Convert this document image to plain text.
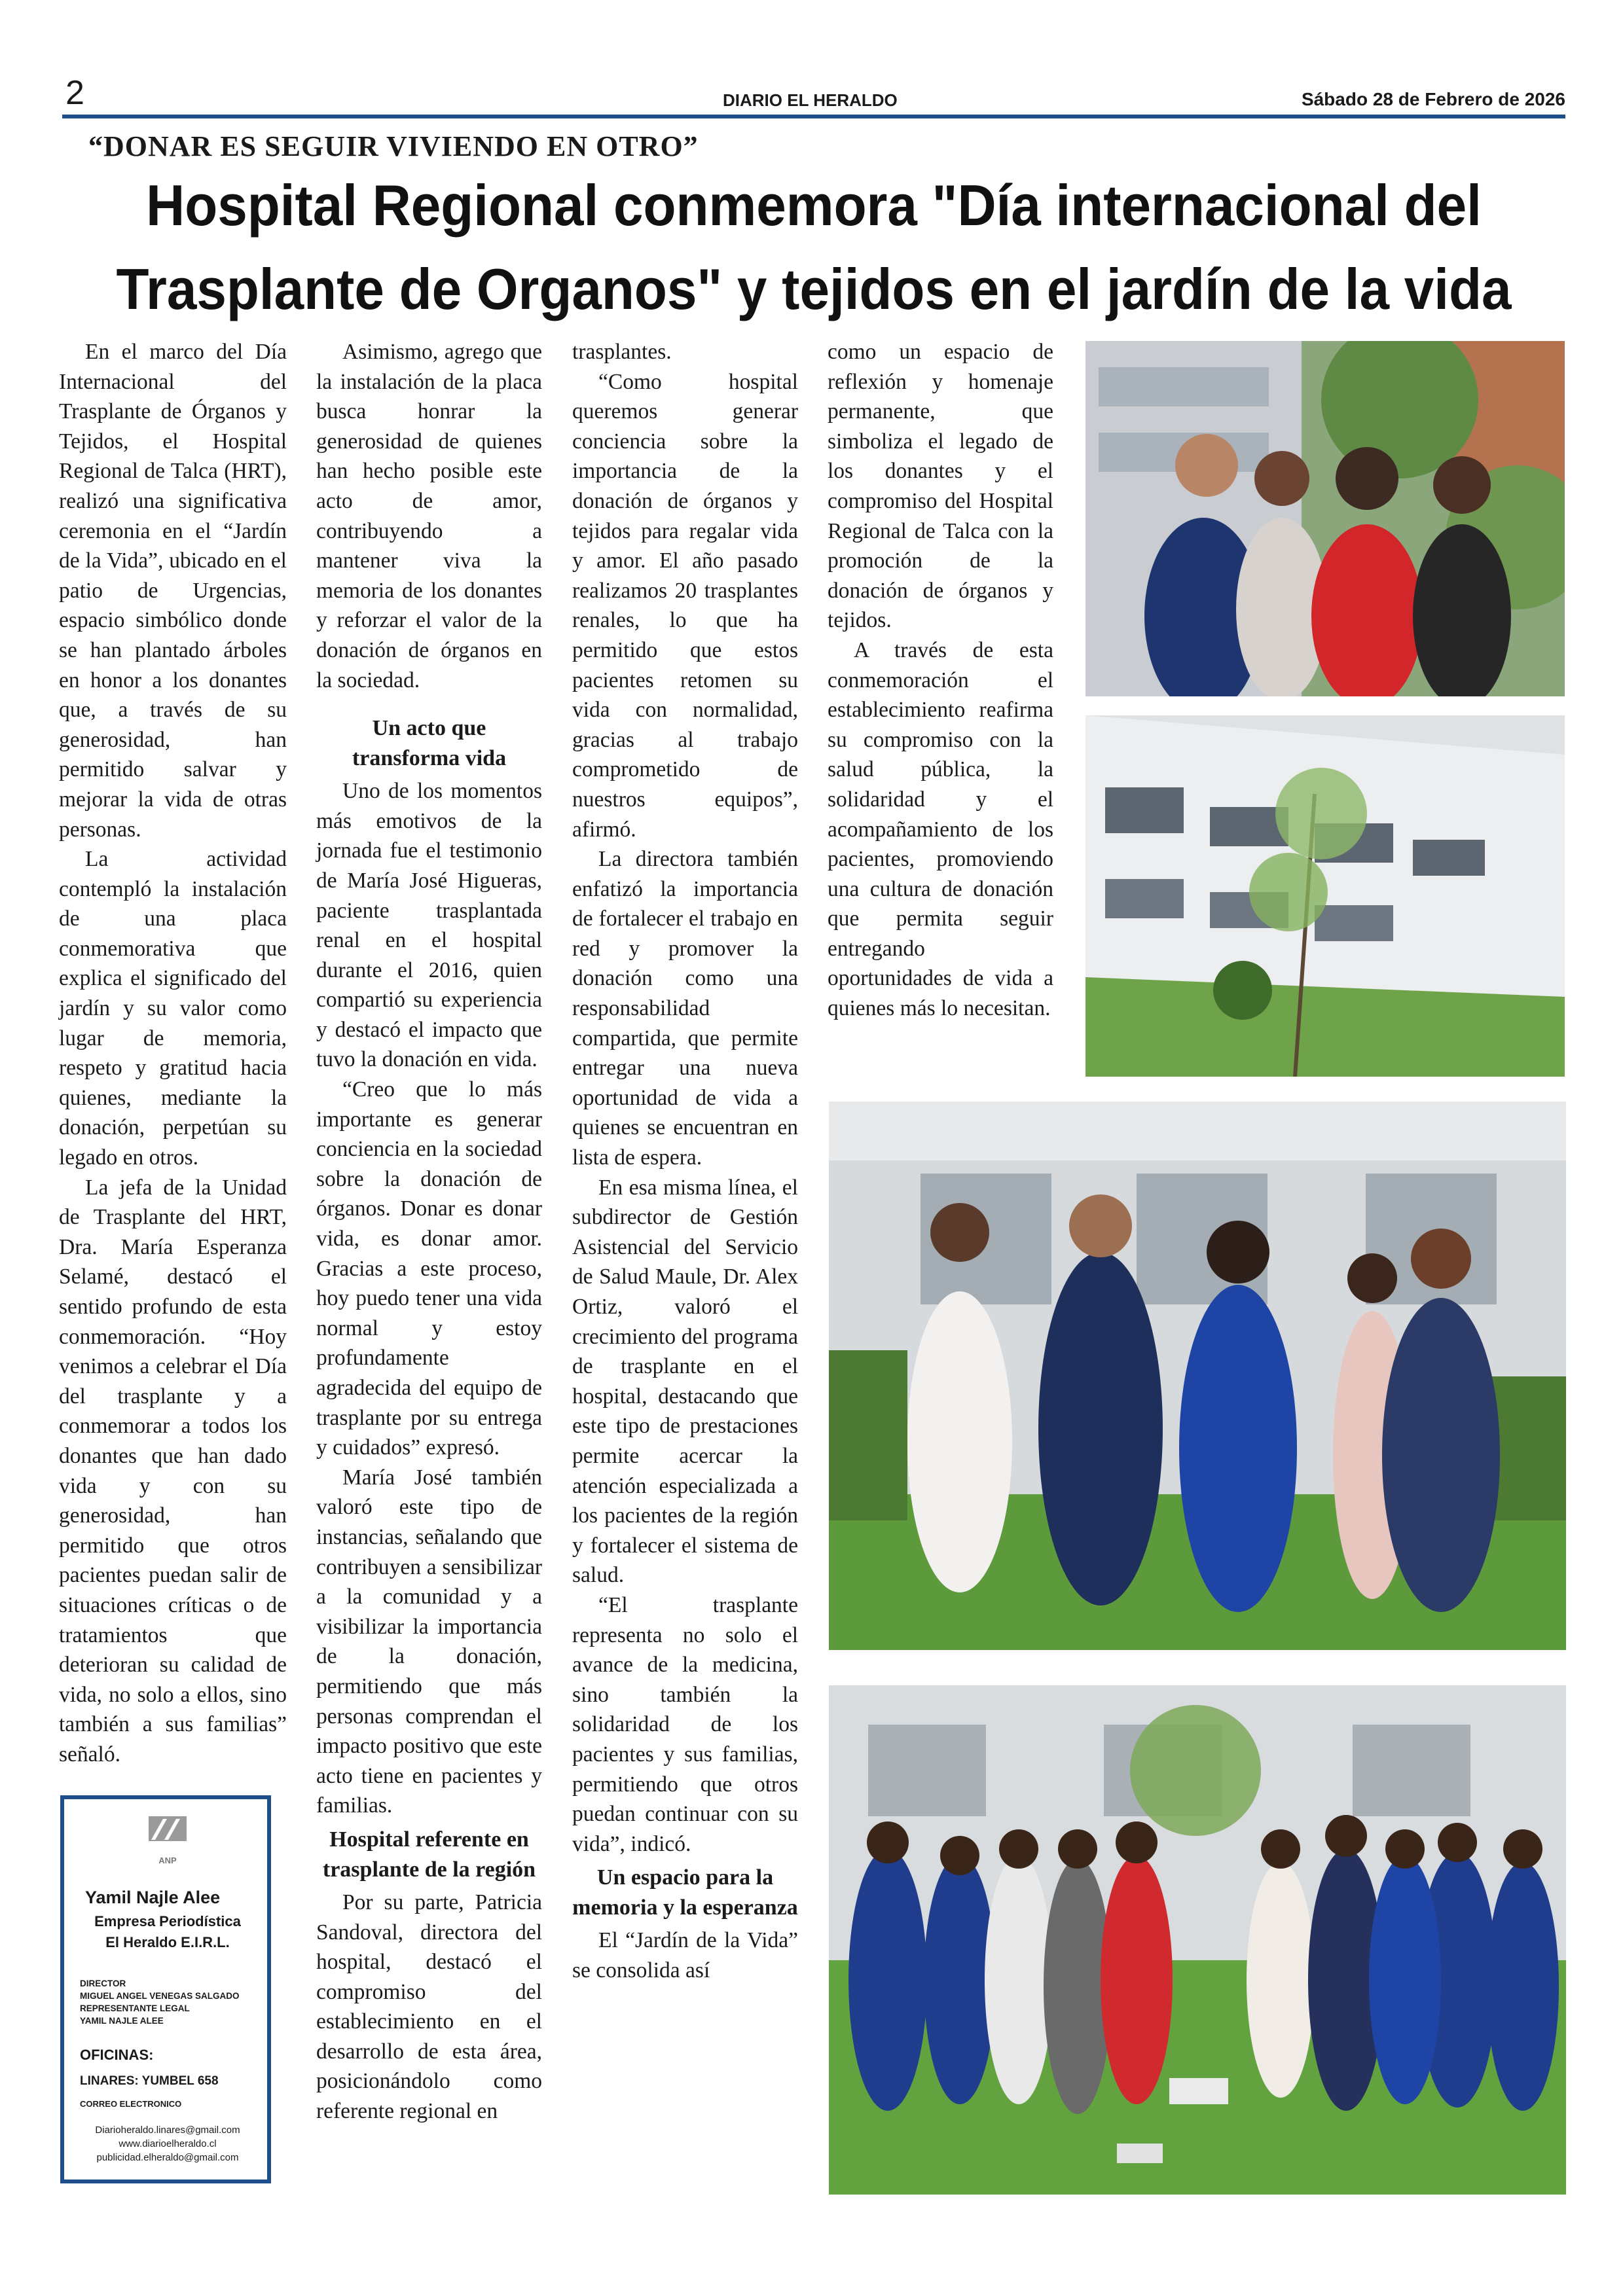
2	DIARIO EL HERALDO	Sábado 28 de Febrero de 2026
“DONAR ES SEGUIR VIVIENDO EN OTRO”
Hospital Regional conmemora "Día internacional del
Trasplante de Organos" y tejidos en el jardín de la vida

En el marco del Día Internacional del Trasplante de Órganos y Tejidos, el Hospital Regional de Talca (HRT), realizó una significativa ceremonia en el “Jardín de la Vida”, ubicado en el patio de Urgencias, espacio simbólico donde se han plantado árboles en honor a los donantes que, a través de su generosidad, han permitido salvar y mejorar la vida de otras personas.

La actividad contempló la instalación de una placa conmemorativa que explica el significado del jardín y su valor como lugar de memoria, respeto y gratitud hacia quienes, mediante la donación, perpetúan su legado en otros.

La jefa de la Unidad de Trasplante del HRT, Dra. María Esperanza Selamé, destacó el sentido profundo de esta conmemoración. “Hoy venimos a celebrar el Día del trasplante y a conmemorar a todos los donantes que han dado vida y con su generosidad, han permitido que otros pacientes puedan salir de situaciones críticas o de tratamientos que deterioran su calidad de vida, no solo a ellos, sino también a sus familias” señaló.

Asimismo, agrego que la instalación de la placa busca honrar la generosidad de quienes han hecho posible este acto de amor, contribuyendo a mantener viva la memoria de los donantes y reforzar el valor de la donación de órganos en la sociedad.

Un acto que transforma vida

Uno de los momentos más emotivos de la jornada fue el testimonio de María José Higueras, paciente trasplantada renal en el hospital durante el 2016, quien compartió su experiencia y destacó el impacto que tuvo la donación en vida.

“Creo que lo más importante es generar conciencia en la sociedad sobre la donación de órganos. Donar es donar vida, es donar amor. Gracias a este proceso, hoy puedo tener una vida normal y estoy profundamente agradecida del equipo de trasplante por su entrega y cuidados” expresó.

María José también valoró este tipo de instancias, señalando que contribuyen a sensibilizar a la comunidad y a visibilizar la importancia de la donación, permitiendo que más personas comprendan el impacto positivo que este acto tiene en pacientes y familias.

Hospital referente en trasplante de la región

Por su parte, Patricia Sandoval, directora del hospital, destacó el compromiso del establecimiento en el desarrollo de esta área, posicionándolo como referente regional en

trasplantes.

“Como hospital queremos generar conciencia sobre la importancia de la donación de órganos y tejidos para regalar vida y amor. El año pasado realizamos 20 trasplantes renales, lo que ha permitido que estos pacientes retomen su vida con normalidad, gracias al trabajo comprometido de nuestros equipos”, afirmó.

La directora también enfatizó la importancia de fortalecer el trabajo en red y promover la donación como una responsabilidad compartida, que permite entregar una nueva oportunidad de vida a quienes se encuentran en lista de espera.

En esa misma línea, el subdirector de Gestión Asistencial del Servicio de Salud Maule, Dr. Alex Ortiz, valoró el crecimiento del programa de trasplante en el hospital, destacando que este tipo de prestaciones permite acercar la atención especializada a los pacientes de la región y fortalecer el sistema de salud.

“El trasplante representa no solo el avance de la medicina, sino también la solidaridad de los pacientes y sus familias, permitiendo que otros puedan continuar con su vida”, indicó.

Un espacio para la memoria y la esperanza

El “Jardín de la Vida” se consolida así

como un espacio de reflexión y homenaje permanente, que simboliza el legado de los donantes y el compromiso del Hospital Regional de Talca con la promoción de la donación de órganos y tejidos.

A través de esta conmemoración el establecimiento reafirma su compromiso con la salud pública, la solidaridad y el acompañamiento de los pacientes, promoviendo una cultura de donación que permita seguir entregando oportunidades de vida a quienes más lo necesitan.

ANP
Yamil Najle Alee
Empresa Periodística
El Heraldo E.I.R.L.
DIRECTOR
MIGUEL ANGEL VENEGAS SALGADO
REPRESENTANTE LEGAL
YAMIL NAJLE ALEE
OFICINAS:
LINARES: YUMBEL 658
CORREO ELECTRONICO
Diarioheraldo.linares@gmail.com
www.diarioelheraldo.cl
publicidad.elheraldo@gmail.com
